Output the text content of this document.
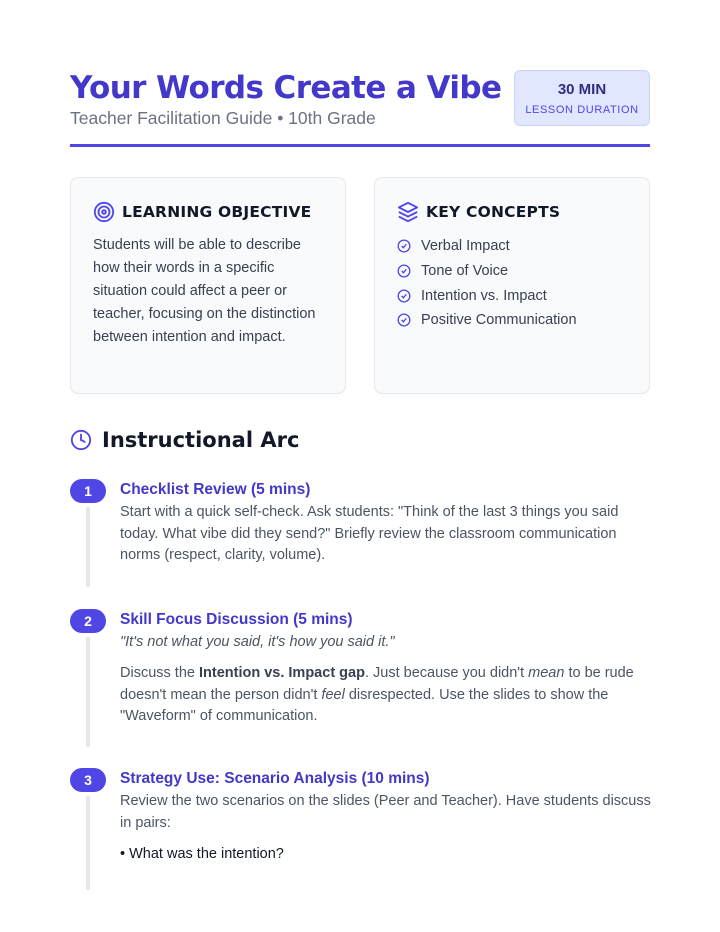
Your Words Create a Vibe
Teacher Facilitation Guide • 10th Grade
30 MIN
LESSON DURATION
LEARNING OBJECTIVE
Students will be able to describe how their words in a specific situation could affect a peer or teacher, focusing on the distinction between intention and impact.
KEY CONCEPTS
Verbal Impact
Tone of Voice
Intention vs. Impact
Positive Communication
Instructional Arc
1	Checklist Review (5 mins)
Start with a quick self-check. Ask students: "Think of the last 3 things you said today. What vibe did they send?" Briefly review the classroom communication norms (respect, clarity, volume).
2	Skill Focus Discussion (5 mins)
"It's not what you said, it's how you said it."
Discuss the Intention vs. Impact gap. Just because you didn't mean to be rude doesn't mean the person didn't feel disrespected. Use the slides to show the "Waveform" of communication.
3	Strategy Use: Scenario Analysis (10 mins)
Review the two scenarios on the slides (Peer and Teacher). Have students discuss in pairs:
• What was the intention?
